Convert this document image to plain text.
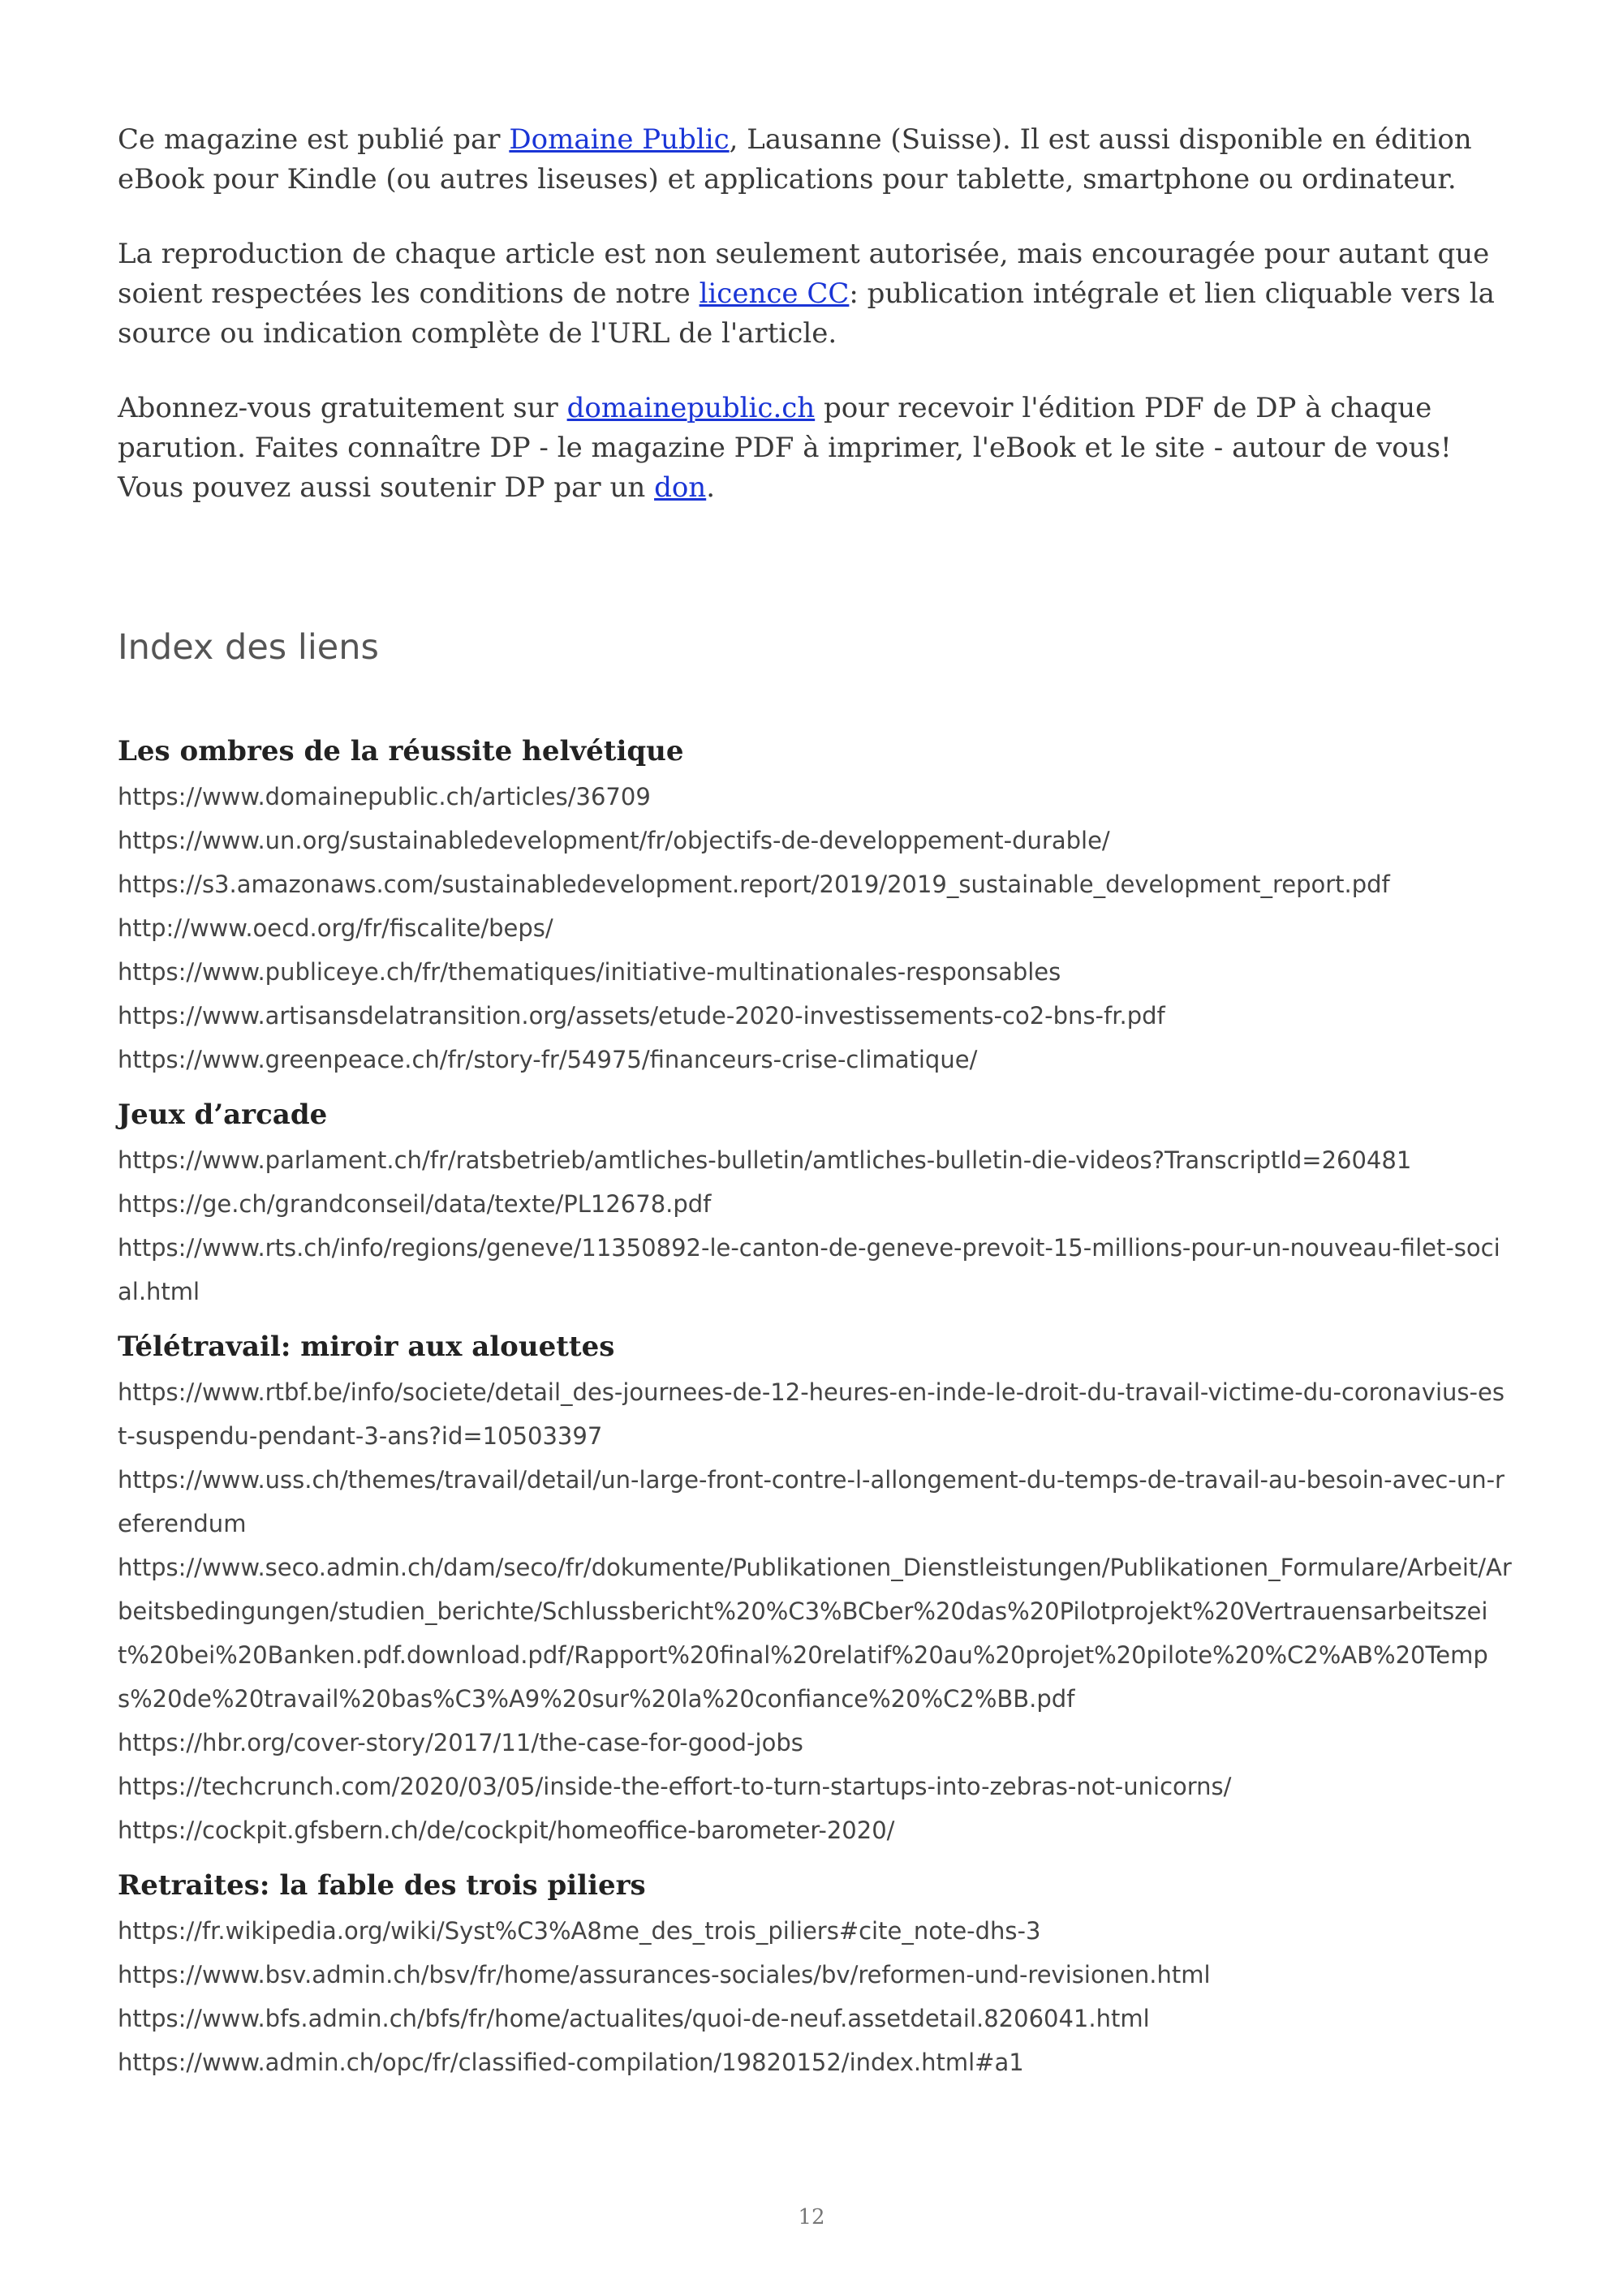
Ce magazine est publié par Domaine Public, Lausanne (Suisse). Il est aussi disponible en édition eBook pour Kindle (ou autres liseuses) et applications pour tablette, smartphone ou ordinateur.

La reproduction de chaque article est non seulement autorisée, mais encouragée pour autant que soient respectées les conditions de notre licence CC: publication intégrale et lien cliquable vers la source ou indication complète de l'URL de l'article.

Abonnez-vous gratuitement sur domainepublic.ch pour recevoir l'édition PDF de DP à chaque parution. Faites connaître DP - le magazine PDF à imprimer, l'eBook et le site - autour de vous! Vous pouvez aussi soutenir DP par un don.

Index des liens
Les ombres de la réussite helvétique
https://www.domainepublic.ch/articles/36709
https://www.un.org/sustainabledevelopment/fr/objectifs-de-developpement-durable/
https://s3.amazonaws.com/sustainabledevelopment.report/2019/2019_sustainable_development_report.pdf
http://www.oecd.org/fr/fiscalite/beps/
https://www.publiceye.ch/fr/thematiques/initiative-multinationales-responsables
https://www.artisansdelatransition.org/assets/etude-2020-investissements-co2-bns-fr.pdf
https://www.greenpeace.ch/fr/story-fr/54975/financeurs-crise-climatique/
Jeux d’arcade
https://www.parlament.ch/fr/ratsbetrieb/amtliches-bulletin/amtliches-bulletin-die-videos?TranscriptId=260481
https://ge.ch/grandconseil/data/texte/PL12678.pdf
https://www.rts.ch/info/regions/geneve/11350892-le-canton-de-geneve-prevoit-15-millions-pour-un-nouveau-filet-social.html
Télétravail: miroir aux alouettes
https://www.rtbf.be/info/societe/detail_des-journees-de-12-heures-en-inde-le-droit-du-travail-victime-du-coronavius-est-suspendu-pendant-3-ans?id=10503397
https://www.uss.ch/themes/travail/detail/un-large-front-contre-l-allongement-du-temps-de-travail-au-besoin-avec-un-referendum
https://www.seco.admin.ch/dam/seco/fr/dokumente/Publikationen_Dienstleistungen/Publikationen_Formulare/Arbeit/Arbeitsbedingungen/studien_berichte/Schlussbericht%20%C3%BCber%20das%20Pilotprojekt%20Vertrauensarbeitszeit%20bei%20Banken.pdf.download.pdf/Rapport%20final%20relatif%20au%20projet%20pilote%20%C2%AB%20Temps%20de%20travail%20bas%C3%A9%20sur%20la%20confiance%20%C2%BB.pdf
https://hbr.org/cover-story/2017/11/the-case-for-good-jobs
https://techcrunch.com/2020/03/05/inside-the-effort-to-turn-startups-into-zebras-not-unicorns/
https://cockpit.gfsbern.ch/de/cockpit/homeoffice-barometer-2020/
Retraites: la fable des trois piliers
https://fr.wikipedia.org/wiki/Syst%C3%A8me_des_trois_piliers#cite_note-dhs-3
https://www.bsv.admin.ch/bsv/fr/home/assurances-sociales/bv/reformen-und-revisionen.html
https://www.bfs.admin.ch/bfs/fr/home/actualites/quoi-de-neuf.assetdetail.8206041.html
https://www.admin.ch/opc/fr/classified-compilation/19820152/index.html#a1
12
